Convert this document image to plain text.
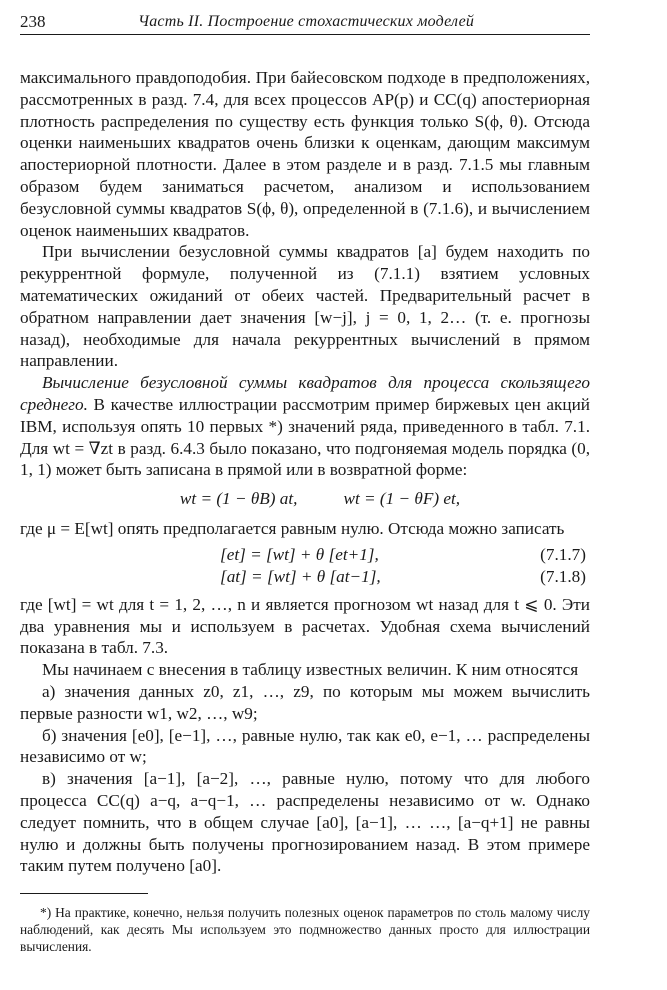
238	Часть II. Построение стохастических моделей

максимального правдоподобия. При байесовском подходе в предположениях, рассмотренных в разд. 7.4, для всех процессов AP(p) и CC(q) апостериорная плотность распределения по существу есть функция только S(ϕ, θ). Отсюда оценки наименьших квадратов очень близки к оценкам, дающим максимум апостериорной плотности. Далее в этом разделе и в разд. 7.1.5 мы главным образом будем заниматься расчетом, анализом и использованием безусловной суммы квадратов S(ϕ, θ), определенной в (7.1.6), и вычислением оценок наименьших квадратов.

При вычислении безусловной суммы квадратов [a] будем находить по рекуррентной формуле, полученной из (7.1.1) взятием условных математических ожиданий от обеих частей. Предварительный расчет в обратном направлении дает значения [w−j], j = 0, 1, 2… (т. е. прогнозы назад), необходимые для начала рекуррентных вычислений в прямом направлении.

Вычисление безусловной суммы квадратов для процесса скользящего среднего. В качестве иллюстрации рассмотрим пример биржевых цен акций IBM, используя опять 10 первых *) значений ряда, приведенного в табл. 7.1. Для wt = ∇zt в разд. 6.4.3 было показано, что подгоняемая модель порядка (0, 1, 1) может быть записана в прямой или в возвратной форме:

wt = (1 − θB) at,	wt = (1 − θF) et,

где μ = E[wt] опять предполагается равным нулю. Отсюда можно записать

[et] = [wt] + θ [et+1],	(7.1.7)
[at] = [wt] + θ [at−1],	(7.1.8)

где [wt] = wt для t = 1, 2, …, n и является прогнозом wt назад для t ⩽ 0. Эти два уравнения мы и используем в расчетах. Удобная схема вычислений показана в табл. 7.3.

Мы начинаем с внесения в таблицу известных величин. К ним относятся

а) значения данных z0, z1, …, z9, по которым мы можем вычислить первые разности w1, w2, …, w9;

б) значения [e0], [e−1], …, равные нулю, так как e0, e−1, … распределены независимо от w;

в) значения [a−1], [a−2], …, равные нулю, потому что для любого процесса CC(q) a−q, a−q−1, … распределены независимо от w. Однако следует помнить, что в общем случае [a0], [a−1], … …, [a−q+1] не равны нулю и должны быть получены прогнозированием назад. В этом примере таким путем получено [a0].

*) На практике, конечно, нельзя получить полезных оценок параметров по столь малому числу наблюдений, как десять Мы используем это подмножество данных просто для иллюстрации вычисления.
